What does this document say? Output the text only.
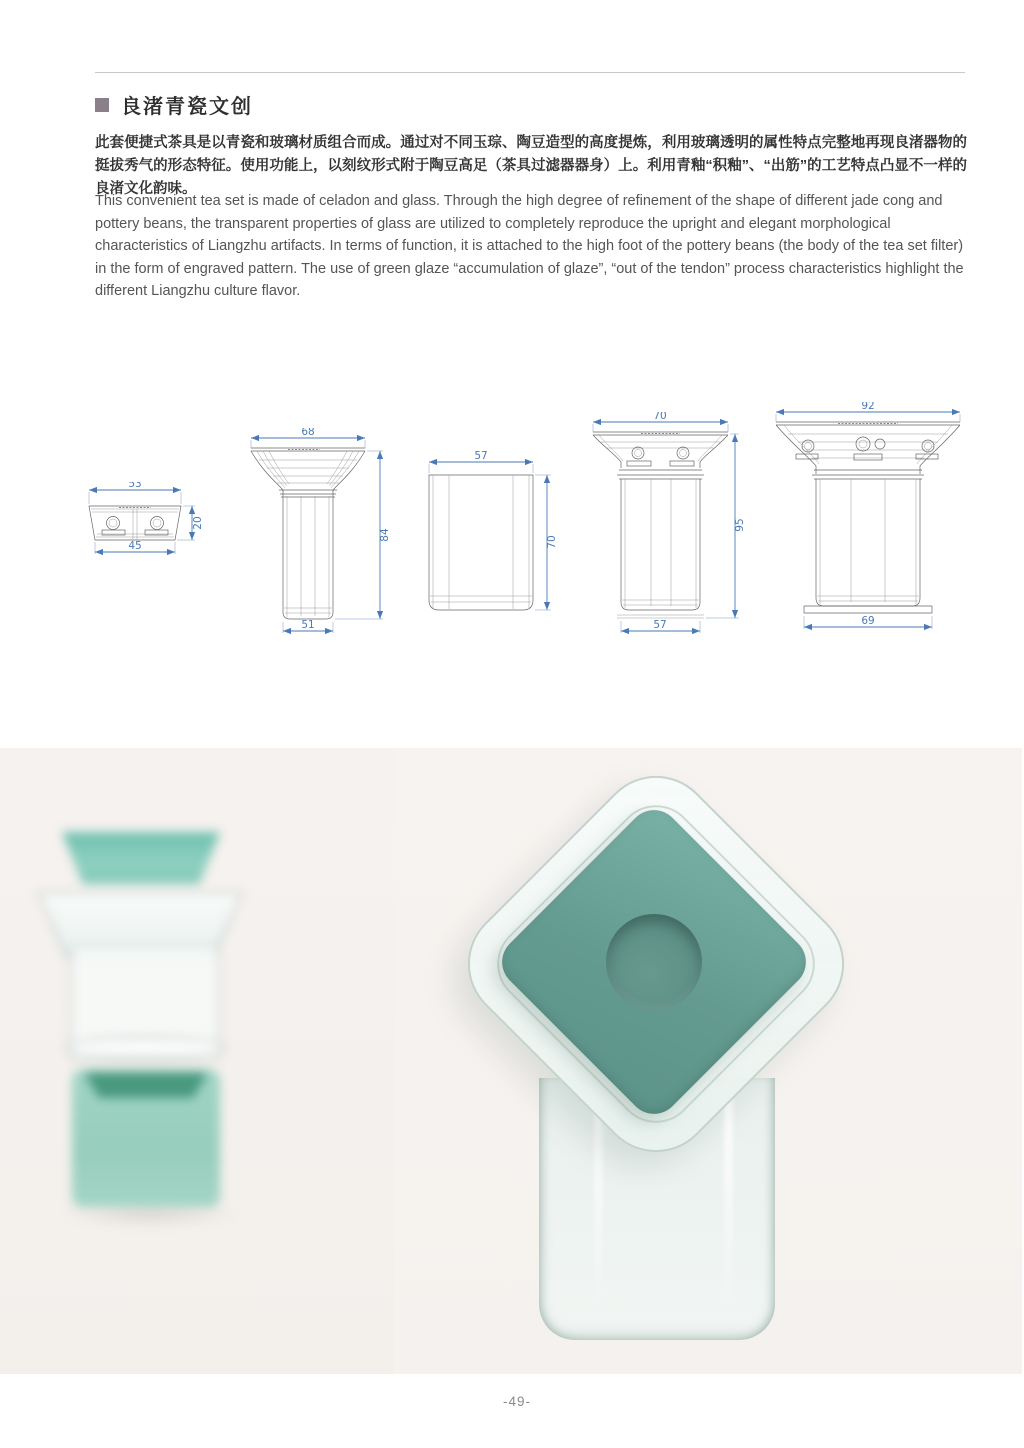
良渚青瓷文创
此套便捷式茶具是以青瓷和玻璃材质组合而成。通过对不同玉琮、陶豆造型的高度提炼，利用玻璃透明的属性特点完整地再现良渚器物的挺拔秀气的形态特征。使用功能上，以刻纹形式附于陶豆高足（茶具过滤器器身）上。利用青釉“积釉”、“出筋”的工艺特点凸显不一样的良渚文化韵味。
This convenient tea set is made of celadon and glass. Through the high degree of refinement of the shape of different jade cong and pottery beans, the transparent properties of glass are utilized to completely reproduce the upright and elegant morphological characteristics of Liangzhu artifacts. In terms of function, it is attached to the high foot of the pottery beans (the body of the tea set filter) in the form of engraved pattern. The use of green glaze “accumulation of glaze”, “out of the tendon” process characteristics highlight the different Liangzhu culture flavor.
53
45
20
68
84
51
57
70
70
95
57
92
69
-49-
